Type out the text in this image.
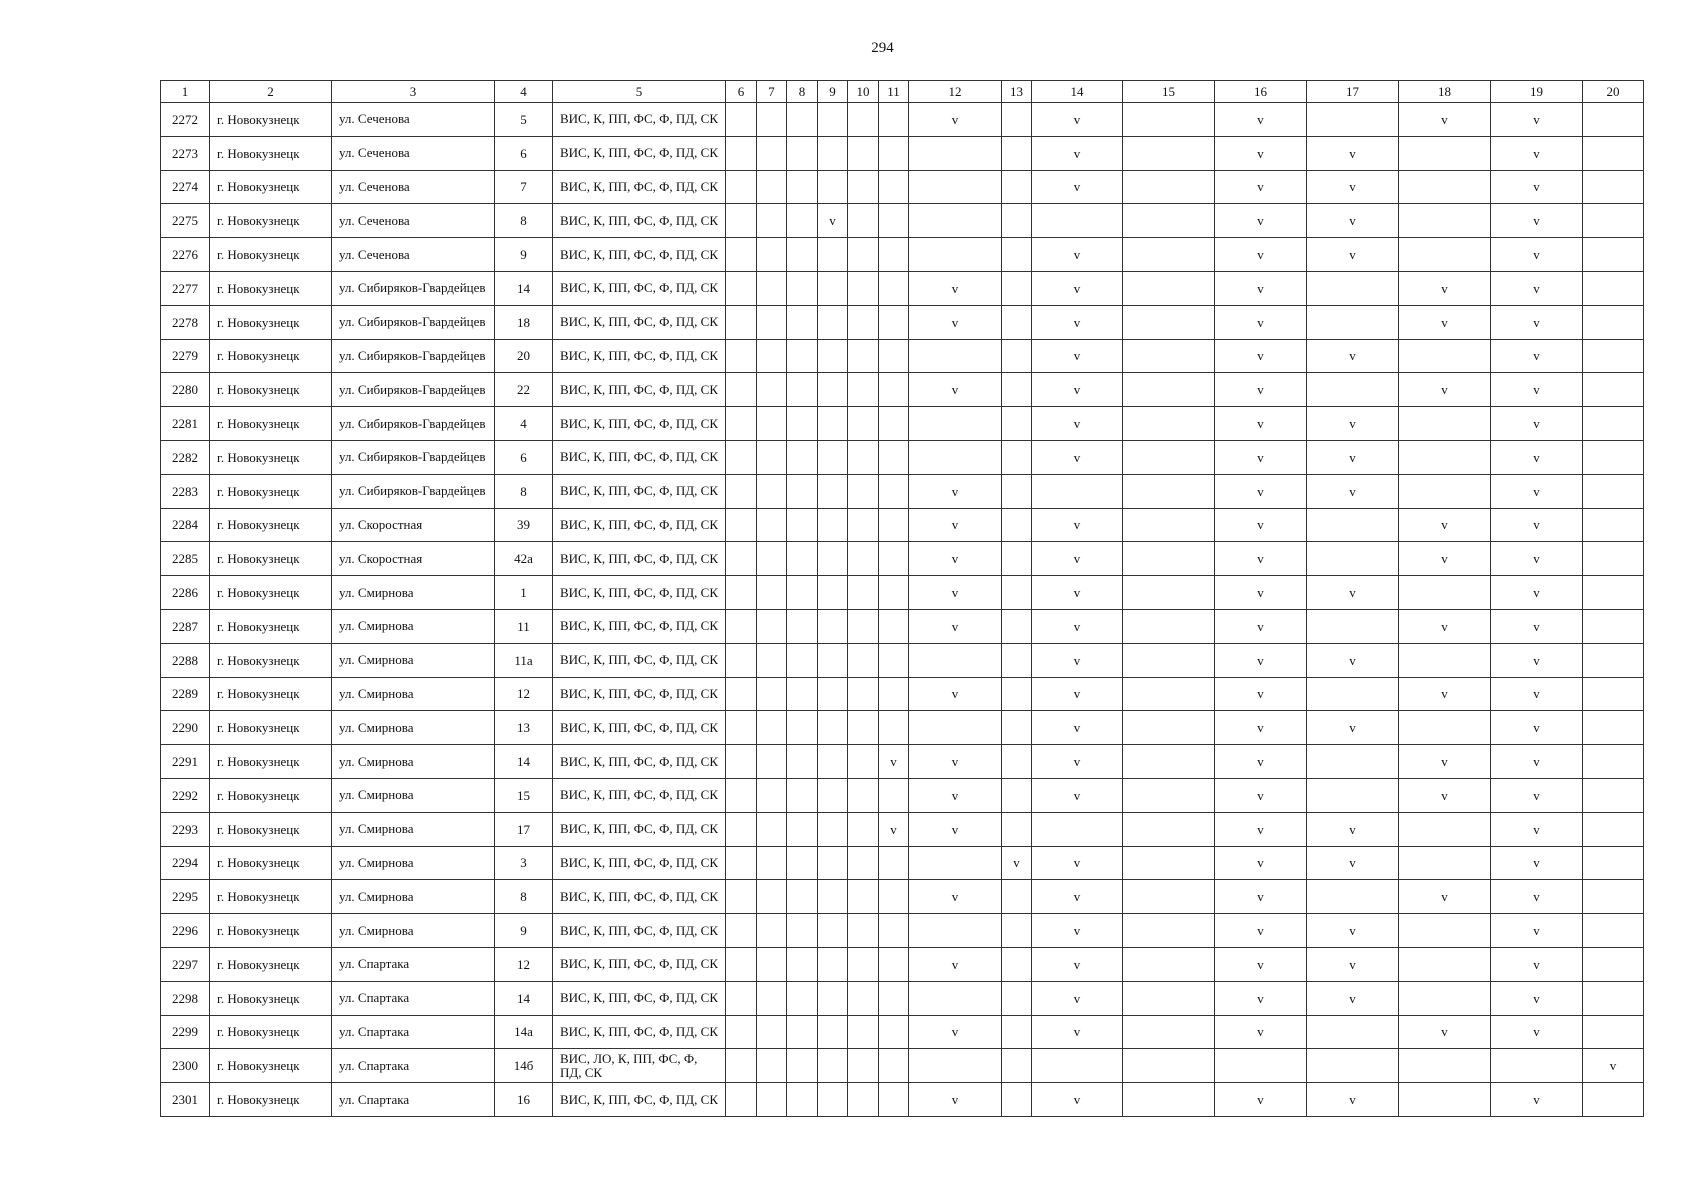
294
1	2	3	4	5	6	7	8	9	10	11	12	13	14	15	16	17	18	19	20
2272	г. Новокузнецк	ул. Сеченова	5	ВИС, К, ПП, ФС, Ф, ПД, СК							v		v		v		v	v	
2273	г. Новокузнецк	ул. Сеченова	6	ВИС, К, ПП, ФС, Ф, ПД, СК									v		v	v		v	
2274	г. Новокузнецк	ул. Сеченова	7	ВИС, К, ПП, ФС, Ф, ПД, СК									v		v	v		v	
2275	г. Новокузнецк	ул. Сеченова	8	ВИС, К, ПП, ФС, Ф, ПД, СК				v							v	v		v	
2276	г. Новокузнецк	ул. Сеченова	9	ВИС, К, ПП, ФС, Ф, ПД, СК									v		v	v		v	
2277	г. Новокузнецк	ул. Сибиряков-Гвардейцев	14	ВИС, К, ПП, ФС, Ф, ПД, СК							v		v		v		v	v	
2278	г. Новокузнецк	ул. Сибиряков-Гвардейцев	18	ВИС, К, ПП, ФС, Ф, ПД, СК							v		v		v		v	v	
2279	г. Новокузнецк	ул. Сибиряков-Гвардейцев	20	ВИС, К, ПП, ФС, Ф, ПД, СК									v		v	v		v	
2280	г. Новокузнецк	ул. Сибиряков-Гвардейцев	22	ВИС, К, ПП, ФС, Ф, ПД, СК							v		v		v		v	v	
2281	г. Новокузнецк	ул. Сибиряков-Гвардейцев	4	ВИС, К, ПП, ФС, Ф, ПД, СК									v		v	v		v	
2282	г. Новокузнецк	ул. Сибиряков-Гвардейцев	6	ВИС, К, ПП, ФС, Ф, ПД, СК									v		v	v		v	
2283	г. Новокузнецк	ул. Сибиряков-Гвардейцев	8	ВИС, К, ПП, ФС, Ф, ПД, СК							v				v	v		v	
2284	г. Новокузнецк	ул. Скоростная	39	ВИС, К, ПП, ФС, Ф, ПД, СК							v		v		v		v	v	
2285	г. Новокузнецк	ул. Скоростная	42а	ВИС, К, ПП, ФС, Ф, ПД, СК							v		v		v		v	v	
2286	г. Новокузнецк	ул. Смирнова	1	ВИС, К, ПП, ФС, Ф, ПД, СК							v		v		v	v		v	
2287	г. Новокузнецк	ул. Смирнова	11	ВИС, К, ПП, ФС, Ф, ПД, СК							v		v		v		v	v	
2288	г. Новокузнецк	ул. Смирнова	11а	ВИС, К, ПП, ФС, Ф, ПД, СК									v		v	v		v	
2289	г. Новокузнецк	ул. Смирнова	12	ВИС, К, ПП, ФС, Ф, ПД, СК							v		v		v		v	v	
2290	г. Новокузнецк	ул. Смирнова	13	ВИС, К, ПП, ФС, Ф, ПД, СК									v		v	v		v	
2291	г. Новокузнецк	ул. Смирнова	14	ВИС, К, ПП, ФС, Ф, ПД, СК						v	v		v		v		v	v	
2292	г. Новокузнецк	ул. Смирнова	15	ВИС, К, ПП, ФС, Ф, ПД, СК							v		v		v		v	v	
2293	г. Новокузнецк	ул. Смирнова	17	ВИС, К, ПП, ФС, Ф, ПД, СК						v	v				v	v		v	
2294	г. Новокузнецк	ул. Смирнова	3	ВИС, К, ПП, ФС, Ф, ПД, СК								v	v		v	v		v	
2295	г. Новокузнецк	ул. Смирнова	8	ВИС, К, ПП, ФС, Ф, ПД, СК							v		v		v		v	v	
2296	г. Новокузнецк	ул. Смирнова	9	ВИС, К, ПП, ФС, Ф, ПД, СК									v		v	v		v	
2297	г. Новокузнецк	ул. Спартака	12	ВИС, К, ПП, ФС, Ф, ПД, СК							v		v		v	v		v	
2298	г. Новокузнецк	ул. Спартака	14	ВИС, К, ПП, ФС, Ф, ПД, СК									v		v	v		v	
2299	г. Новокузнецк	ул. Спартака	14а	ВИС, К, ПП, ФС, Ф, ПД, СК							v		v		v		v	v	
2300	г. Новокузнецк	ул. Спартака	14б	ВИС, ЛО, К, ПП, ФС, Ф, ПД, СК															v
2301	г. Новокузнецк	ул. Спартака	16	ВИС, К, ПП, ФС, Ф, ПД, СК							v		v		v	v		v	
